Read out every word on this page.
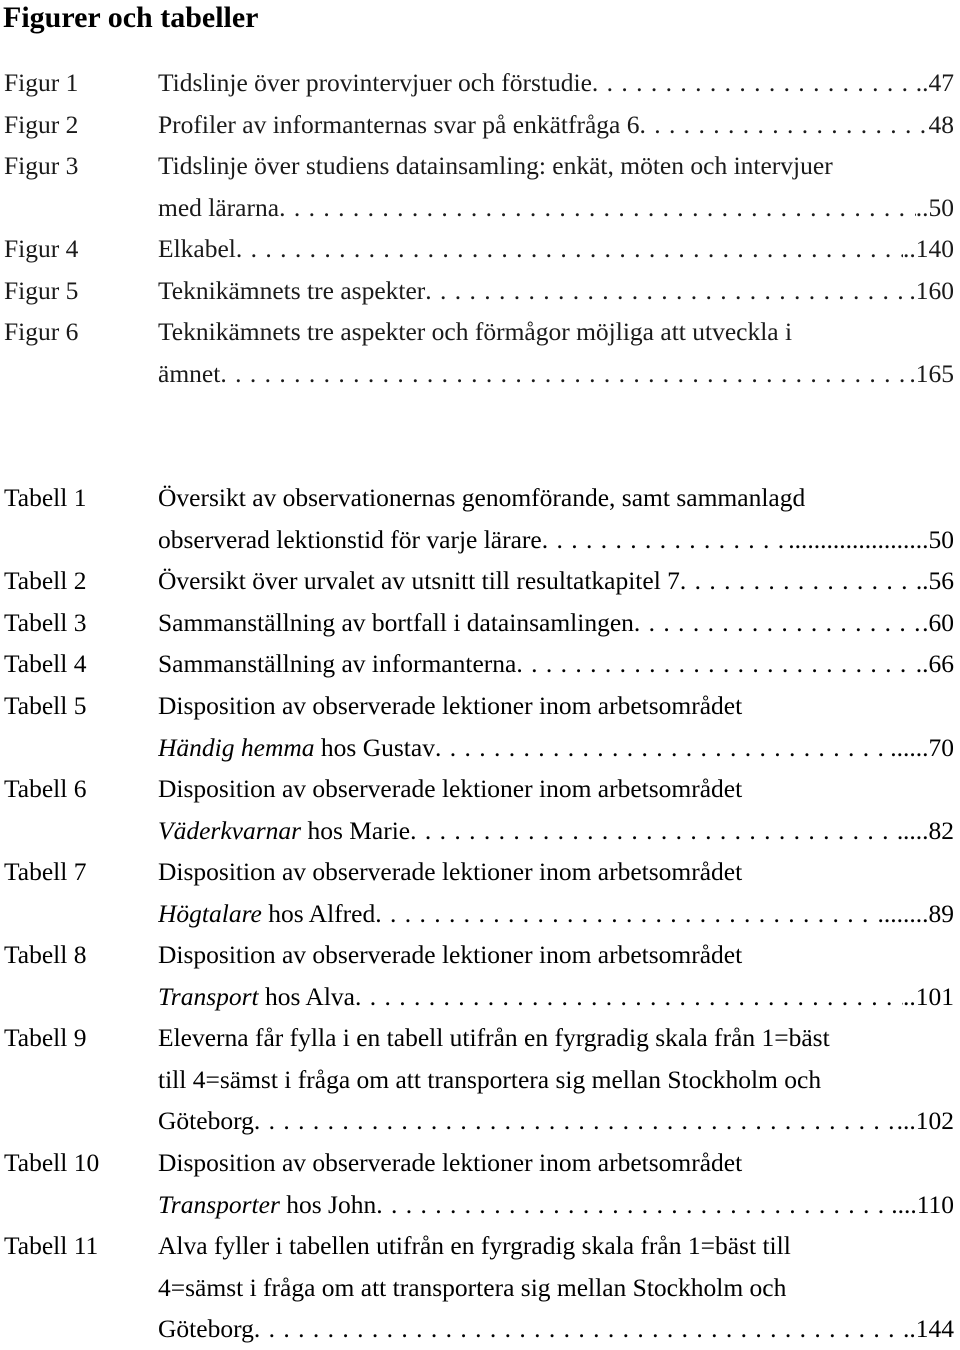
Figurer och tabeller
Figur 1	Tidslinje över provintervjuer och förstudie . . .	..47
Figur 2	Profiler av informanternas svar på enkätfråga 6 . . .	48
Figur 3	Tidslinje över studiens datainsamling: enkät, möten och intervjuer
med lärarna . . .	..50
Figur 4	Elkabel . . .	..140
Figur 5	Teknikämnets tre aspekter . . .	.160
Figur 6	Teknikämnets tre aspekter och förmågor möjliga att utveckla i
ämnet . . .	.165
Tabell 1	Översikt av observationernas genomförande, samt sammanlagd
observerad lektionstid för varje lärare . . .	......................50
Tabell 2	Översikt över urvalet av utsnitt till resultatkapitel 7 . . .	.56
Tabell 3	Sammanställning av bortfall i datainsamlingen . . .	.60
Tabell 4	Sammanställning av informanterna . . .	..66
Tabell 5	Disposition av observerade lektioner inom arbetsområdet
Händig hemma hos Gustav . . .	......70
Tabell 6	Disposition av observerade lektioner inom arbetsområdet
Väderkvarnar hos Marie . . .	....82
Tabell 7	Disposition av observerade lektioner inom arbetsområdet
Högtalare hos Alfred . . .	........89
Tabell 8	Disposition av observerade lektioner inom arbetsområdet
Transport hos Alva . . .	..101
Tabell 9	Eleverna får fylla i en tabell utifrån en fyrgradig skala från 1=bäst
till 4=sämst i fråga om att transportera sig mellan Stockholm och
Göteborg . . .	...102
Tabell 10 Disposition av observerade lektioner inom arbetsområdet
Transporter hos John . . .	....110
Tabell 11 Alva fyller i tabellen utifrån en fyrgradig skala från 1=bäst till
4=sämst i fråga om att transportera sig mellan Stockholm och
Göteborg . . .	..144
